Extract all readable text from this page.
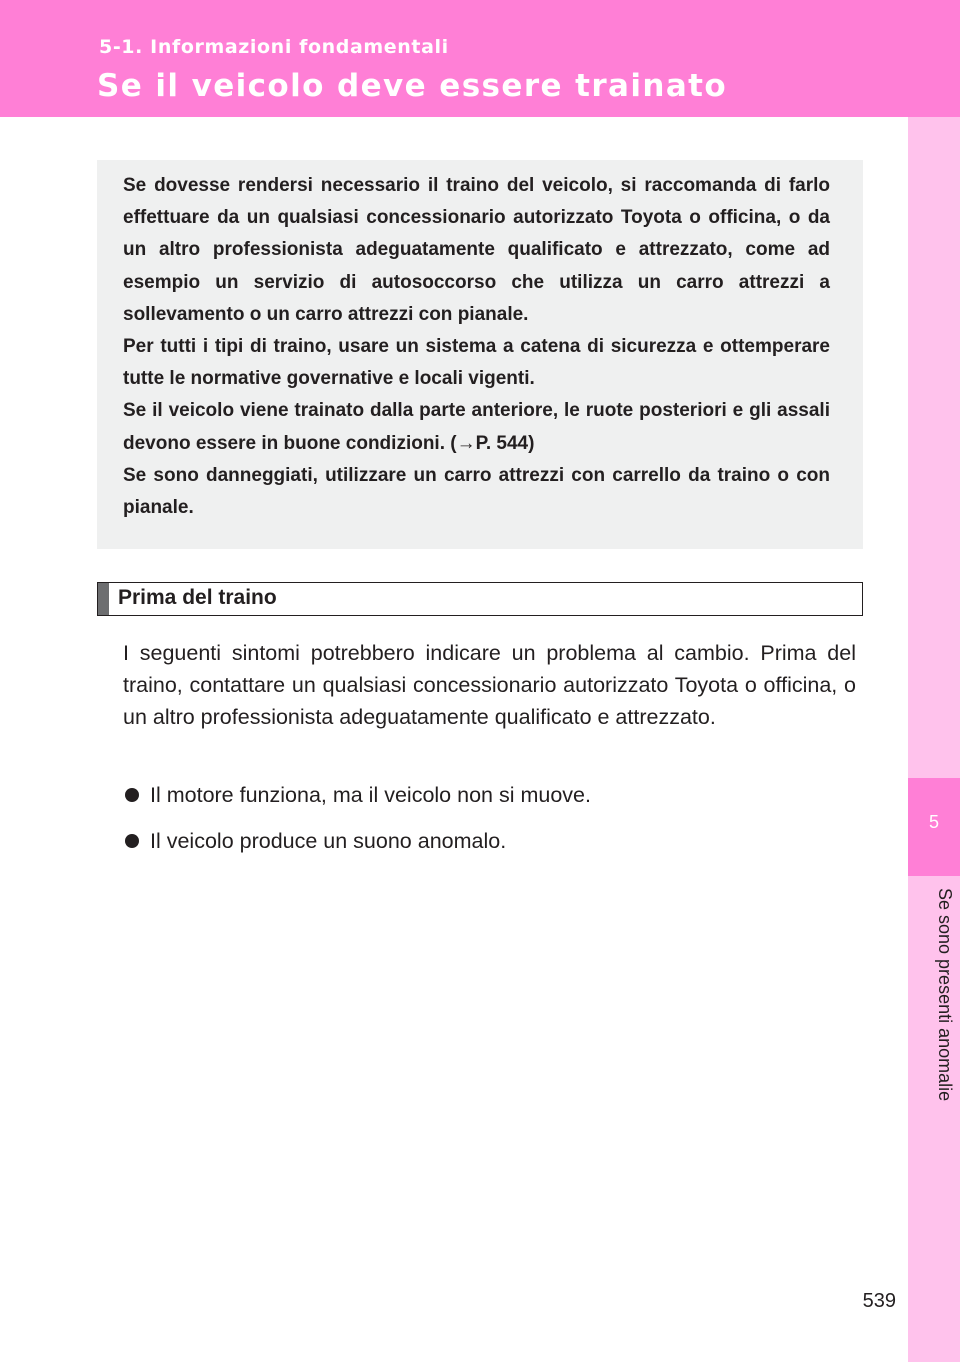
5-1. Informazioni fondamentali
Se il veicolo deve essere trainato
5
Se sono presenti anomalie

Se dovesse rendersi necessario il traino del veicolo, si raccomanda di farlo effettuare da un qualsiasi concessionario autorizzato Toyota o officina, o da un altro professionista adeguatamente qualificato e attrezzato, come ad esempio un servizio di autosoccorso che utilizza un carro attrezzi a sollevamento o un carro attrezzi con pianale.

Per tutti i tipi di traino, usare un sistema a catena di sicurezza e ottemperare tutte le normative governative e locali vigenti.

Se il veicolo viene trainato dalla parte anteriore, le ruote posteriori e gli assali devono essere in buone condizioni. (→P. 544)

Se sono danneggiati, utilizzare un carro attrezzi con carrello da traino o con pianale.

Prima del traino

I seguenti sintomi potrebbero indicare un problema al cambio. Prima del traino, contattare un qualsiasi concessionario autorizzato Toyota o officina, o un altro professionista adeguatamente qualificato e attrezzato.

Il motore funziona, ma il veicolo non si muove.
Il veicolo produce un suono anomalo.
539
